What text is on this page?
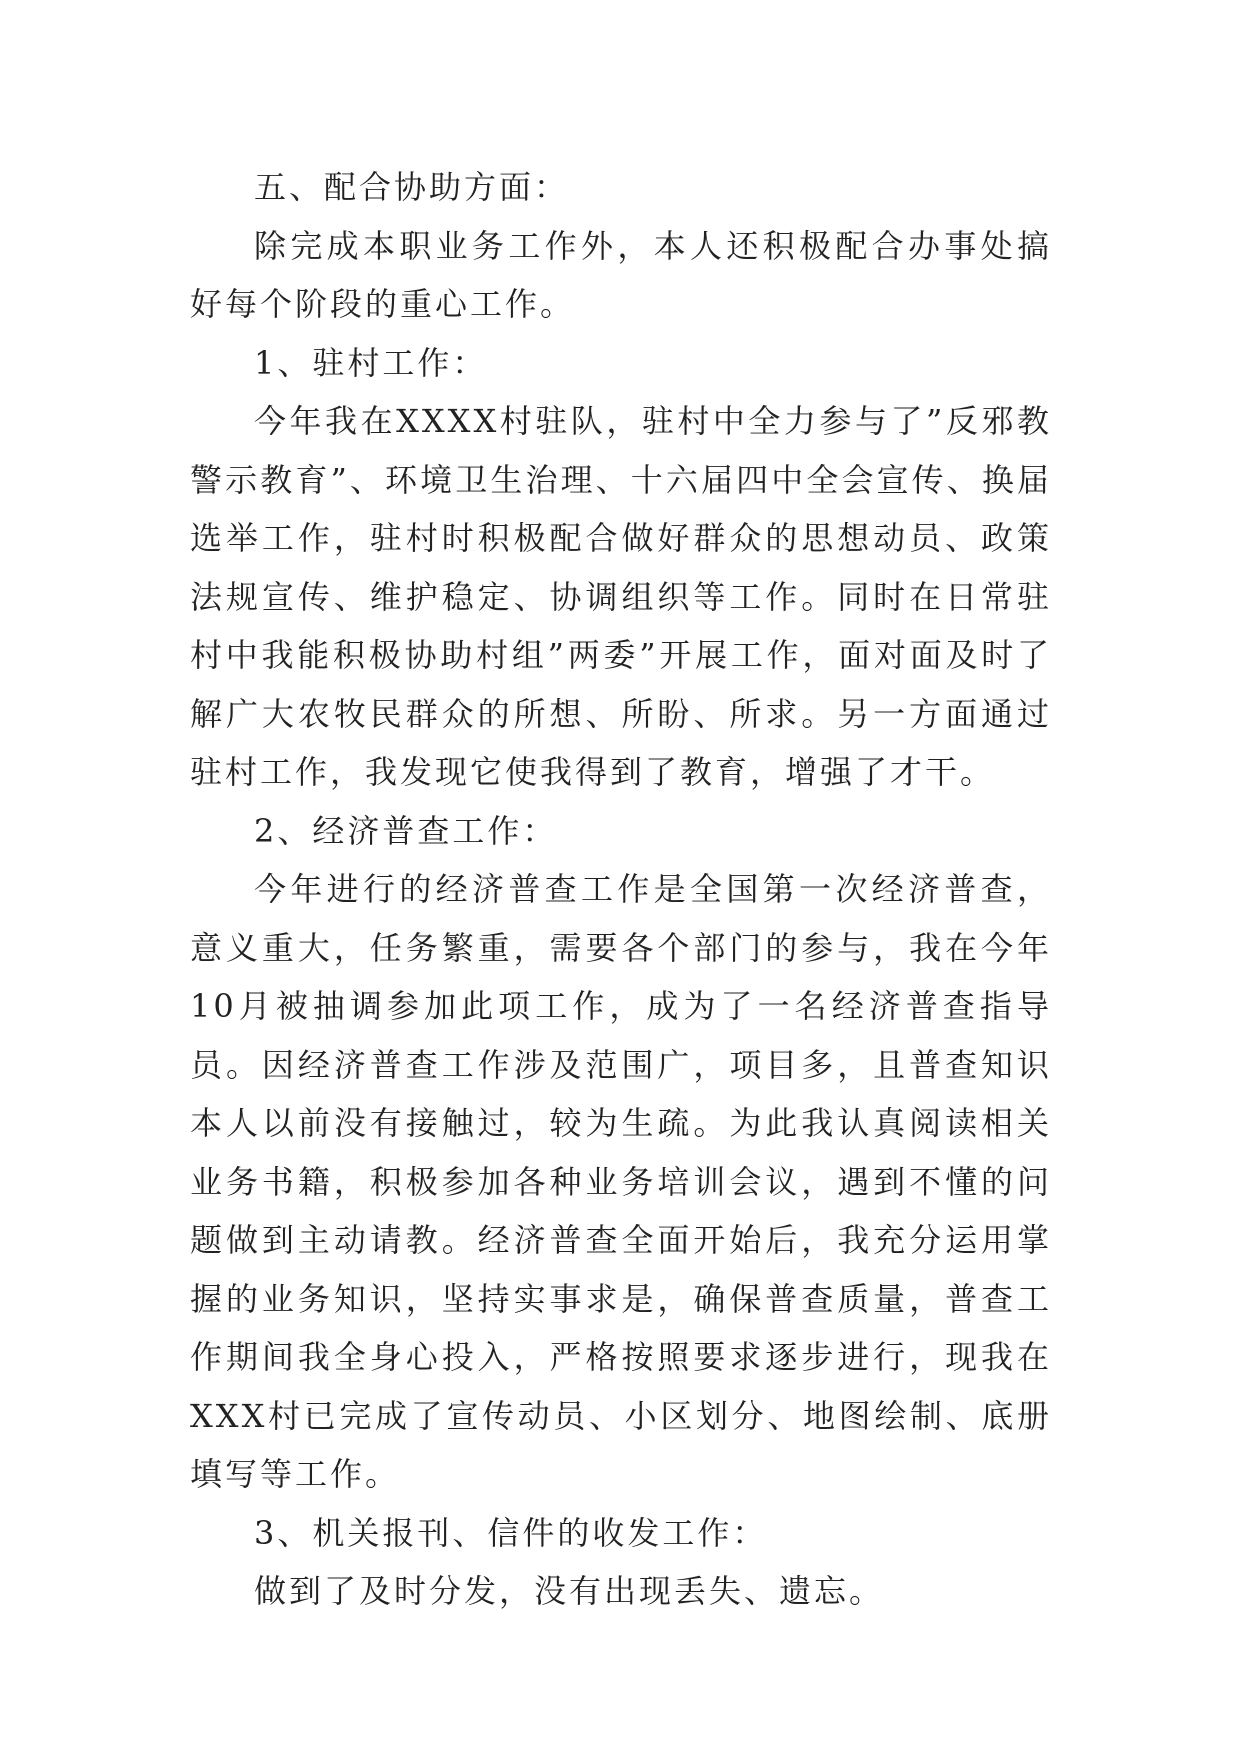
五、配合协助方面：

除完成本职业务工作外，本人还积极配合办事处搞好每个阶段的重心工作。

1、驻村工作：

今年我在XXXX村驻队，驻村中全力参与了”反邪教警示教育”、环境卫生治理、十六届四中全会宣传、换届选举工作，驻村时积极配合做好群众的思想动员、政策法规宣传、维护稳定、协调组织等工作。同时在日常驻村中我能积极协助村组”两委”开展工作，面对面及时了解广大农牧民群众的所想、所盼、所求。另一方面通过驻村工作，我发现它使我得到了教育，增强了才干。

2、经济普查工作：

今年进行的经济普查工作是全国第一次经济普查，意义重大，任务繁重，需要各个部门的参与，我在今年10月被抽调参加此项工作，成为了一名经济普查指导员。因经济普查工作涉及范围广，项目多，且普查知识本人以前没有接触过，较为生疏。为此我认真阅读相关业务书籍，积极参加各种业务培训会议，遇到不懂的问题做到主动请教。经济普查全面开始后，我充分运用掌握的业务知识，坚持实事求是，确保普查质量，普查工作期间我全身心投入，严格按照要求逐步进行，现我在XXX村已完成了宣传动员、小区划分、地图绘制、底册填写等工作。

3、机关报刊、信件的收发工作：

做到了及时分发，没有出现丢失、遗忘。
